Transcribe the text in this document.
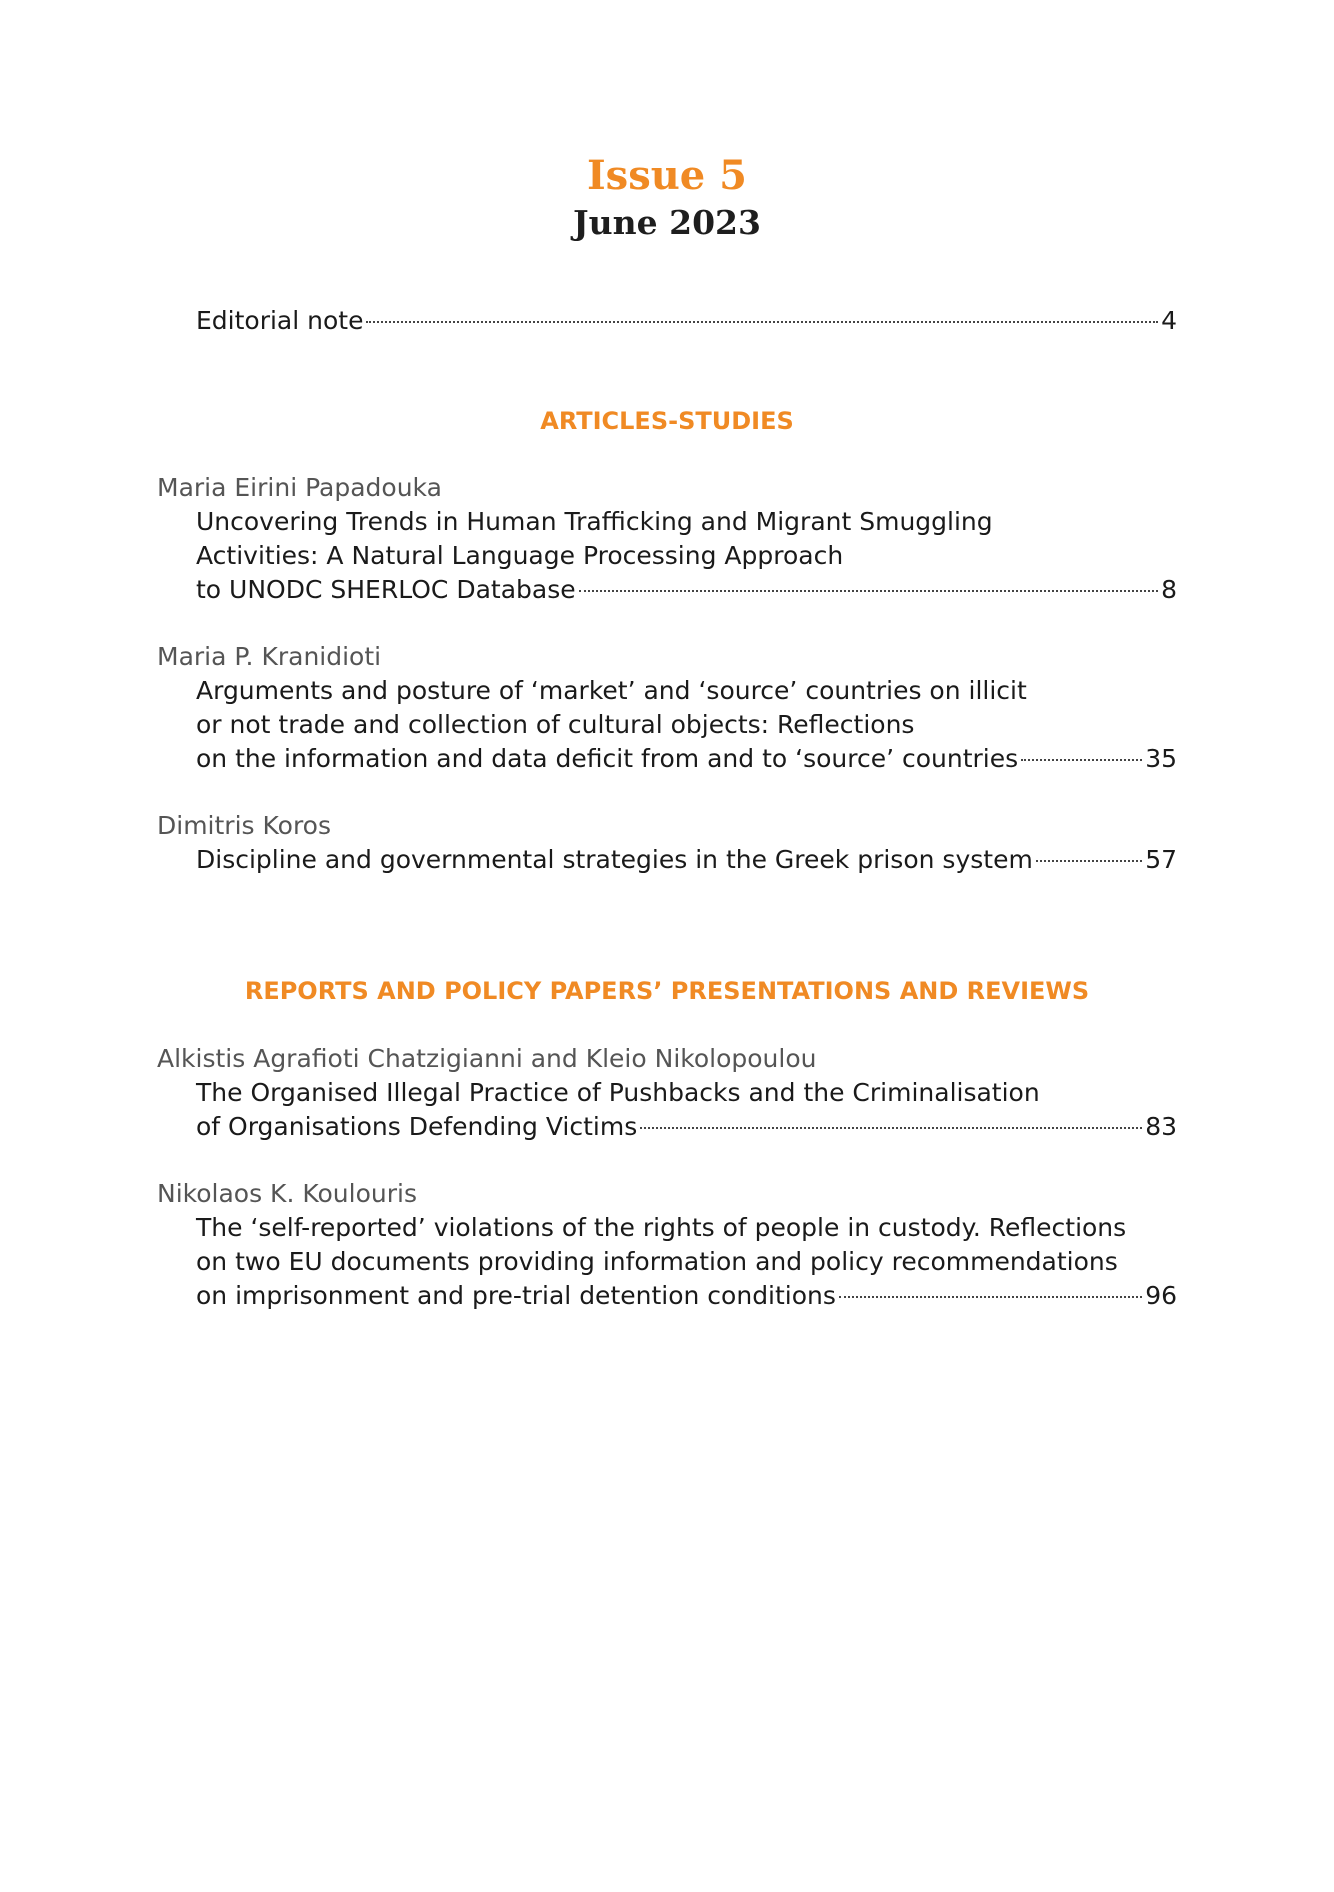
Issue 5
June 2023
Editorial note	4
ARTICLES-STUDIES
Maria Eirini Papadouka
Uncovering Trends in Human Trafficking and Migrant Smuggling
Activities: A Natural Language Processing Approach
to UNODC SHERLOC Database	8
Maria P. Kranidioti
Arguments and posture of ‘market’ and ‘source’ countries on illicit
or not trade and collection of cultural objects: Reflections
on the information and data deficit from and to ‘source’ countries	35
Dimitris Koros
Discipline and governmental strategies in the Greek prison system	57
REPORTS AND POLICY PAPERS’ PRESENTATIONS AND REVIEWS
Alkistis Agrafioti Chatzigianni and Kleio Nikolopoulou
The Organised Illegal Practice of Pushbacks and the Criminalisation
of Organisations Defending Victims	83
Nikolaos K. Koulouris
The ‘self-reported’ violations of the rights of people in custody. Reflections
on two EU documents providing information and policy recommendations
on imprisonment and pre-trial detention conditions	96
